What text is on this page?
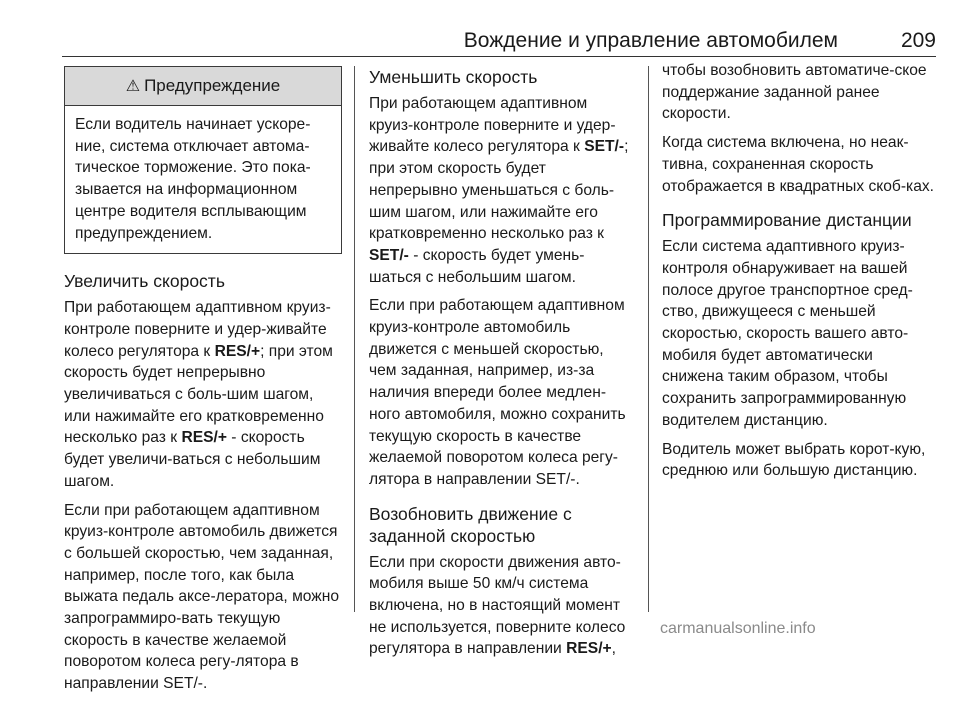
Вождение и управление автомобилем	209
⚠ Предупреждение
Если водитель начинает ускоре-ние, система отключает автома-тическое торможение. Это пока-зывается на информационном центре водителя всплывающим предупреждением.
Увеличить скорость

При работающем адаптивном круиз-контроле поверните и удер-живайте колесо регулятора к RES/+; при этом скорость будет непрерывно увеличиваться с боль-шим шагом, или нажимайте его кратковременно несколько раз к RES/+ - скорость будет увеличи-ваться с небольшим шагом.

Если при работающем адаптивном круиз-контроле автомобиль движется с большей скоростью, чем заданная, например, после того, как была выжата педаль аксе-лератора, можно запрограммиро-вать текущую скорость в качестве желаемой поворотом колеса регу-лятора в направлении SET/-.

Уменьшить скорость

При работающем адаптивном круиз-контроле поверните и удер-живайте колесо регулятора к SET/-; при этом скорость будет непрерывно уменьшаться с боль-шим шагом, или нажимайте его кратковременно несколько раз к SET/- - скорость будет умень-шаться с небольшим шагом.

Если при работающем адаптивном круиз-контроле автомобиль движется с меньшей скоростью, чем заданная, например, из-за наличия впереди более медлен-ного автомобиля, можно сохранить текущую скорость в качестве желаемой поворотом колеса регу-лятора в направлении SET/-.

Возобновить движение с заданной скоростью

Если при скорости движения авто-мобиля выше 50 км/ч система включена, но в настоящий момент не используется, поверните колесо регулятора в направлении RES/+,

чтобы возобновить автоматиче-ское поддержание заданной ранее скорости.

Когда система включена, но неак-тивна, сохраненная скорость отображается в квадратных скоб-ках.

Программирование дистанции

Если система адаптивного круиз-контроля обнаруживает на вашей полосе другое транспортное сред-ство, движущееся с меньшей скоростью, скорость вашего авто-мобиля будет автоматически снижена таким образом, чтобы сохранить запрограммированную водителем дистанцию.

Водитель может выбрать корот-кую, среднюю или большую дистанцию.

carmanualsonline.info
